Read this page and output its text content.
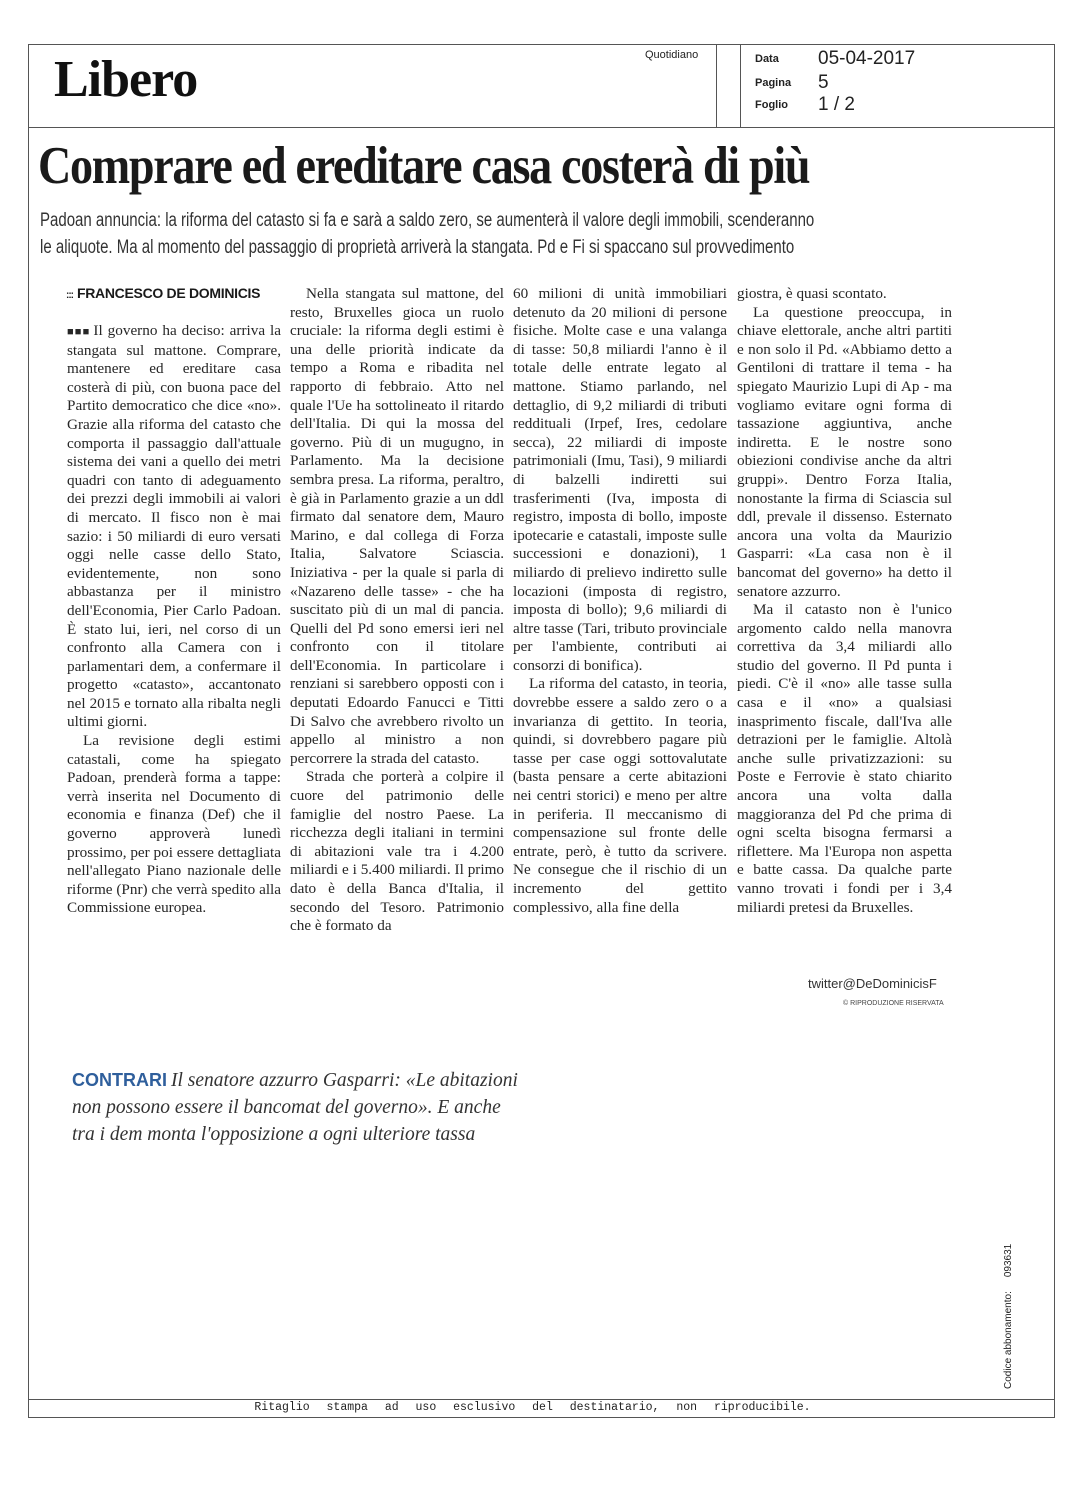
Libero	Quotidiano	Data 05-04-2017
Pagina 5
Foglio 1 / 2
Comprare ed ereditare casa costerà di più
Padoan annuncia: la riforma del catasto si fa e sarà a saldo zero, se aumenterà il valore degli immobili, scenderanno
le aliquote. Ma al momento del passaggio di proprietà arriverà la stangata. Pd e Fi si spaccano sul provvedimento
::: FRANCESCO DE DOMINICIS

■■■ Il governo ha deciso: arriva la stangata sul mattone. Comprare, mantenere ed ereditare casa costerà di più, con buona pace del Partito democratico che dice «no». Grazie alla riforma del catasto che comporta il passaggio dall'attuale sistema dei vani a quello dei metri quadri con tanto di adeguamento dei prezzi degli immobili ai valori di mercato. Il fisco non è mai sazio: i 50 miliardi di euro versati oggi nelle casse dello Stato, evidentemente, non sono abbastanza per il ministro dell'Economia, Pier Carlo Padoan. È stato lui, ieri, nel corso di un confronto alla Camera con i parlamentari dem, a confermare il progetto «catasto», accantonato nel 2015 e tornato alla ribalta negli ultimi giorni.

La revisione degli estimi catastali, come ha spiegato Padoan, prenderà forma a tappe: verrà inserita nel Documento di economia e finanza (Def) che il governo approverà lunedì prossimo, per poi essere dettagliata nell'allegato Piano nazionale delle riforme (Pnr) che verrà spedito alla Commissione europea.

Nella stangata sul mattone, del resto, Bruxelles gioca un ruolo cruciale: la riforma degli estimi è una delle priorità indicate da tempo a Roma e ribadita nel rapporto di febbraio. Atto nel quale l'Ue ha sottolineato il ritardo dell'Italia. Di qui la mossa del governo. Più di un mugugno, in Parlamento. Ma la decisione sembra presa. La riforma, peraltro, è già in Parlamento grazie a un ddl firmato dal senatore dem, Mauro Marino, e dal collega di Forza Italia, Salvatore Sciascia. Iniziativa - per la quale si parla di «Nazareno delle tasse» - che ha suscitato più di un mal di pancia. Quelli del Pd sono emersi ieri nel confronto con il titolare dell'Economia. In particolare i renziani si sarebbero opposti con i deputati Edoardo Fanucci e Titti Di Salvo che avrebbero rivolto un appello al ministro a non percorrere la strada del catasto.

Strada che porterà a colpire il cuore del patrimonio delle famiglie del nostro Paese. La ricchezza degli italiani in termini di abitazioni vale tra i 4.200 miliardi e i 5.400 miliardi. Il primo dato è della Banca d'Italia, il secondo del Tesoro. Patrimonio che è formato da

60 milioni di unità immobiliari detenuto da 20 milioni di persone fisiche. Molte case e una valanga di tasse: 50,8 miliardi l'anno è il totale delle entrate legato al mattone. Stiamo parlando, nel dettaglio, di 9,2 miliardi di tributi reddituali (Irpef, Ires, cedolare secca), 22 miliardi di imposte patrimoniali (Imu, Tasi), 9 miliardi di balzelli indiretti sui trasferimenti (Iva, imposta di registro, imposta di bollo, imposte ipotecarie e catastali, imposte sulle successioni e donazioni), 1 miliardo di prelievo indiretto sulle locazioni (imposta di registro, imposta di bollo); 9,6 miliardi di altre tasse (Tari, tributo provinciale per l'ambiente, contributi ai consorzi di bonifica).

La riforma del catasto, in teoria, dovrebbe essere a saldo zero o a invarianza di gettito. In teoria, quindi, si dovrebbero pagare più tasse per case oggi sottovalutate (basta pensare a certe abitazioni nei centri storici) e meno per altre in periferia. Il meccanismo di compensazione sul fronte delle entrate, però, è tutto da scrivere. Ne consegue che il rischio di un incremento del gettito complessivo, alla fine della

giostra, è quasi scontato.

La questione preoccupa, in chiave elettorale, anche altri partiti e non solo il Pd. «Abbiamo detto a Gentiloni di trattare il tema - ha spiegato Maurizio Lupi di Ap - ma vogliamo evitare ogni forma di tassazione aggiuntiva, anche indiretta. E le nostre sono obiezioni condivise anche da altri gruppi». Dentro Forza Italia, nonostante la firma di Sciascia sul ddl, prevale il dissenso. Esternato ancora una volta da Maurizio Gasparri: «La casa non è il bancomat del governo» ha detto il senatore azzurro.

Ma il catasto non è l'unico argomento caldo nella manovra correttiva da 3,4 miliardi allo studio del governo. Il Pd punta i piedi. C'è il «no» alle tasse sulla casa e il «no» a qualsiasi inasprimento fiscale, dall'Iva alle detrazioni per le famiglie. Altolà anche sulle privatizzazioni: su Poste e Ferrovie è stato chiarito ancora una volta dalla maggioranza del Pd che prima di ogni scelta bisogna fermarsi a riflettere. Ma l'Europa non aspetta e batte cassa. Da qualche parte vanno trovati i fondi per i 3,4 miliardi pretesi da Bruxelles.

twitter@DeDominicisF
© RIPRODUZIONE RISERVATA
CONTRARI Il senatore azzurro Gasparri: «Le abitazioni
non possono essere il bancomat del governo». E anche
tra i dem monta l'opposizione a ogni ulteriore tassa
Codice abbonamento:093631
Ritaglio stampa ad uso esclusivo del destinatario, non riproducibile.
